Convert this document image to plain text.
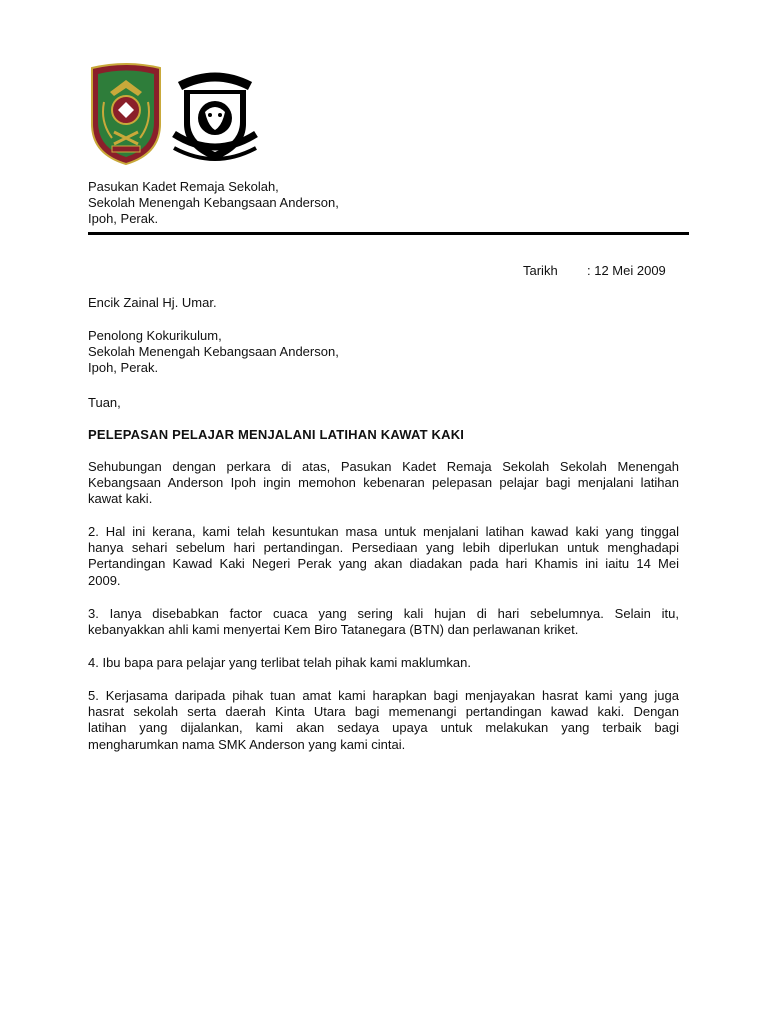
Pasukan Kadet Remaja Sekolah,
Sekolah Menengah Kebangsaan Anderson,
Ipoh, Perak.
Tarikh : 12 Mei 2009
Encik Zainal Hj. Umar.
Penolong Kokurikulum,
Sekolah Menengah Kebangsaan Anderson,
Ipoh, Perak.
Tuan,
PELEPASAN PELAJAR MENJALANI LATIHAN KAWAT KAKI
Sehubungan dengan perkara di atas, Pasukan Kadet Remaja Sekolah Sekolah Menengah
Kebangsaan Anderson Ipoh ingin memohon kebenaran pelepasan pelajar bagi menjalani latihan
kawat kaki.
2. Hal ini kerana, kami telah kesuntukan masa untuk menjalani latihan kawad kaki yang tinggal
hanya sehari sebelum hari pertandingan. Persediaan yang lebih diperlukan untuk menghadapi
Pertandingan Kawad Kaki Negeri Perak yang akan diadakan pada hari Khamis ini iaitu 14 Mei
2009.
3. Ianya disebabkan factor cuaca yang sering kali hujan di hari sebelumnya. Selain itu,
kebanyakkan ahli kami menyertai Kem Biro Tatanegara (BTN) dan perlawanan kriket.
4. Ibu bapa para pelajar yang terlibat telah pihak kami maklumkan.
5. Kerjasama daripada pihak tuan amat kami harapkan bagi menjayakan hasrat kami yang juga
hasrat sekolah serta daerah Kinta Utara bagi memenangi pertandingan kawad kaki. Dengan
latihan yang dijalankan, kami akan sedaya upaya untuk melakukan yang terbaik bagi
mengharumkan nama SMK Anderson yang kami cintai.
